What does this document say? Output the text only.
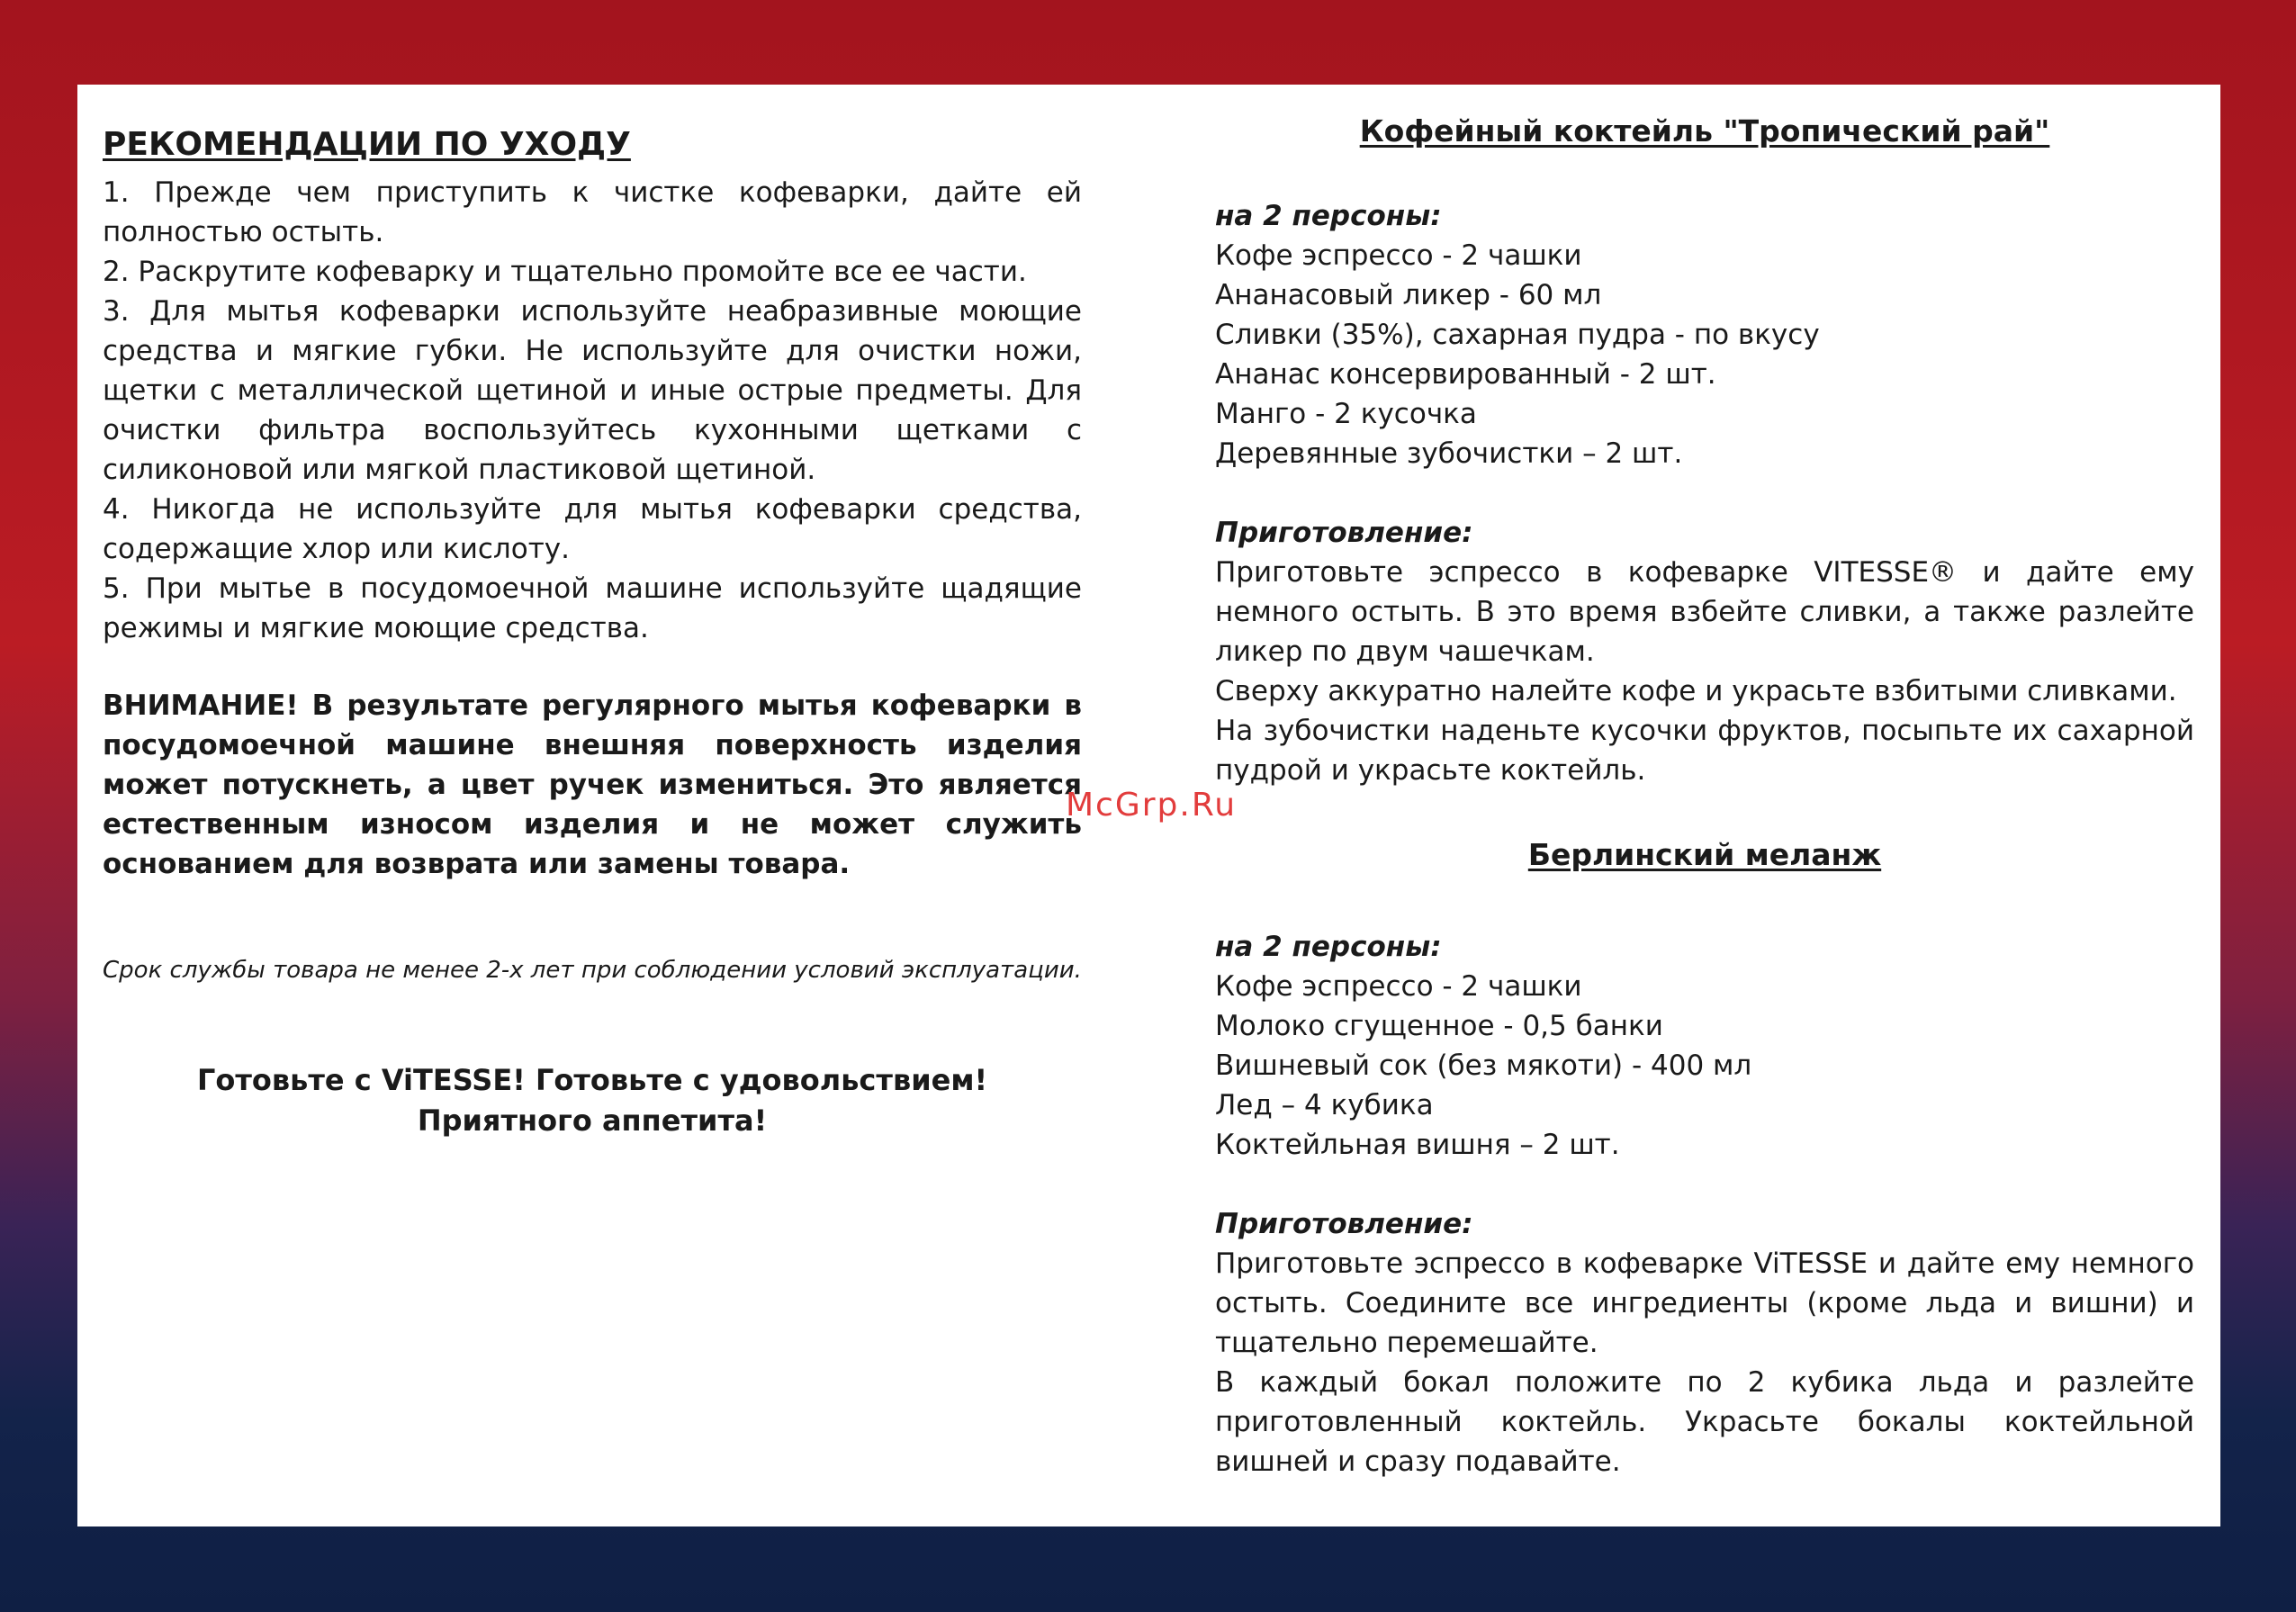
РЕКОМЕНДАЦИИ ПО УХОДУ

1. Прежде чем приступить к чистке кофеварки, дайте ей полностью остыть.

2. Раскрутите кофеварку и тщательно промойте все ее части.

3. Для мытья кофеварки используйте неабразивные моющие средства и мягкие губки. Не используйте для очистки ножи, щетки с металлической щетиной и иные острые предметы. Для очистки фильтра воспользуйтесь кухонными щетками с силиконовой или мягкой пластиковой щетиной.

4. Никогда не используйте для мытья кофеварки средства, содержащие хлор или кислоту.

5. При мытье в посудомоечной машине используйте щадящие режимы и мягкие моющие средства.

ВНИМАНИЕ! В результате регулярного мытья кофеварки в посудомоечной машине внешняя поверхность изделия может потускнеть, а цвет ручек измениться. Это является естественным износом изделия и не может служить основанием для возврата или замены товара.
Срок службы товара не менее 2-х лет при соблюдении условий эксплуатации.
Готовьте с ViTESSE! Готовьте с удовольствием!
Приятного аппетита!
Кофейный коктейль "Тропический рай"
на 2 персоны:
Кофе эспрессо - 2 чашки
Ананасовый ликер - 60 мл
Сливки (35%), сахарная пудра - по вкусу
Ананас консервированный - 2 шт.
Манго - 2 кусочка
Деревянные зубочистки – 2 шт.
Приготовление:

Приготовьте эспрессо в кофеварке VITESSE® и дайте ему немного остыть. В это время взбейте сливки, а также разлейте ликер по двум чашечкам.

Сверху аккуратно налейте кофе и украсьте взбитыми сливками.

На зубочистки наденьте кусочки фруктов, посыпьте их сахарной пудрой и украсьте коктейль.

Берлинский меланж
на 2 персоны:
Кофе эспрессо - 2 чашки
Молоко сгущенное - 0,5 банки
Вишневый сок (без мякоти) - 400 мл
Лед – 4 кубика
Коктейльная вишня – 2 шт.
Приготовление:

Приготовьте эспрессо в кофеварке ViTESSE и дайте ему немного остыть. Соедините все ингредиенты (кроме льда и вишни) и тщательно перемешайте.

В каждый бокал положите по 2 кубика льда и разлейте приготовленный коктейль. Украсьте бокалы коктейльной вишней и сразу подавайте.

McGrp.Ru
